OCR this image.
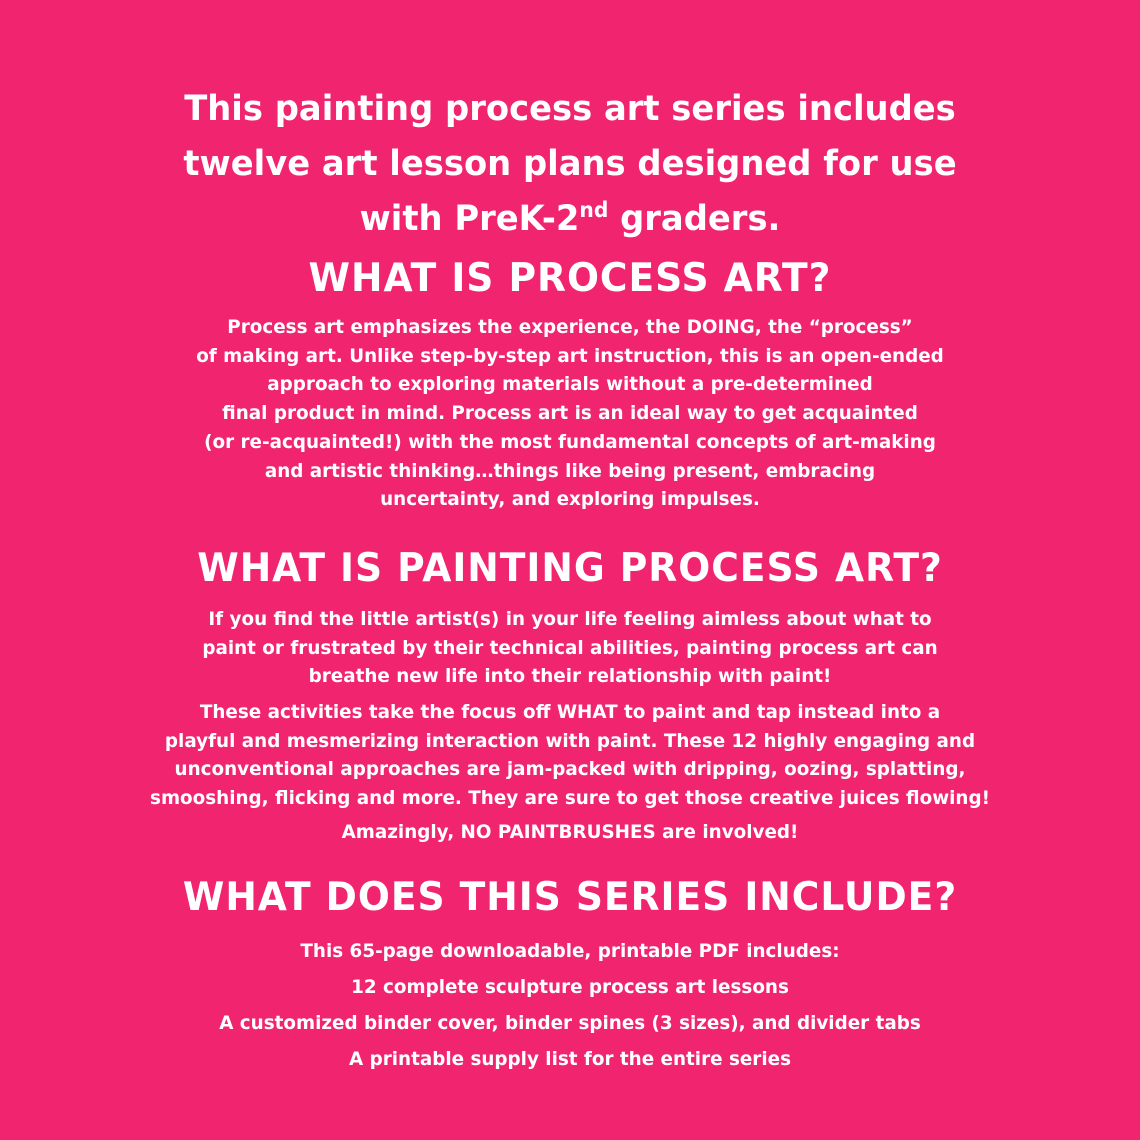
This painting process art series includes
twelve art lesson plans designed for use
with PreK-2nd graders.
WHAT IS PROCESS ART?
Process art emphasizes the experience, the DOING, the “process”
of making art. Unlike step-by-step art instruction, this is an open-ended
approach to exploring materials without a pre-determined
final product in mind. Process art is an ideal way to get acquainted
(or re-acquainted!) with the most fundamental concepts of art-making
and artistic thinking…things like being present, embracing
uncertainty, and exploring impulses.
WHAT IS PAINTING PROCESS ART?
If you find the little artist(s) in your life feeling aimless about what to
paint or frustrated by their technical abilities, painting process art can
breathe new life into their relationship with paint!
These activities take the focus off WHAT to paint and tap instead into a
playful and mesmerizing interaction with paint. These 12 highly engaging and
unconventional approaches are jam-packed with dripping, oozing, splatting,
smooshing, flicking and more. They are sure to get those creative juices flowing!
Amazingly, NO PAINTBRUSHES are involved!
WHAT DOES THIS SERIES INCLUDE?
This 65-page downloadable, printable PDF includes:
12 complete sculpture process art lessons
A customized binder cover, binder spines (3 sizes), and divider tabs
A printable supply list for the entire series
